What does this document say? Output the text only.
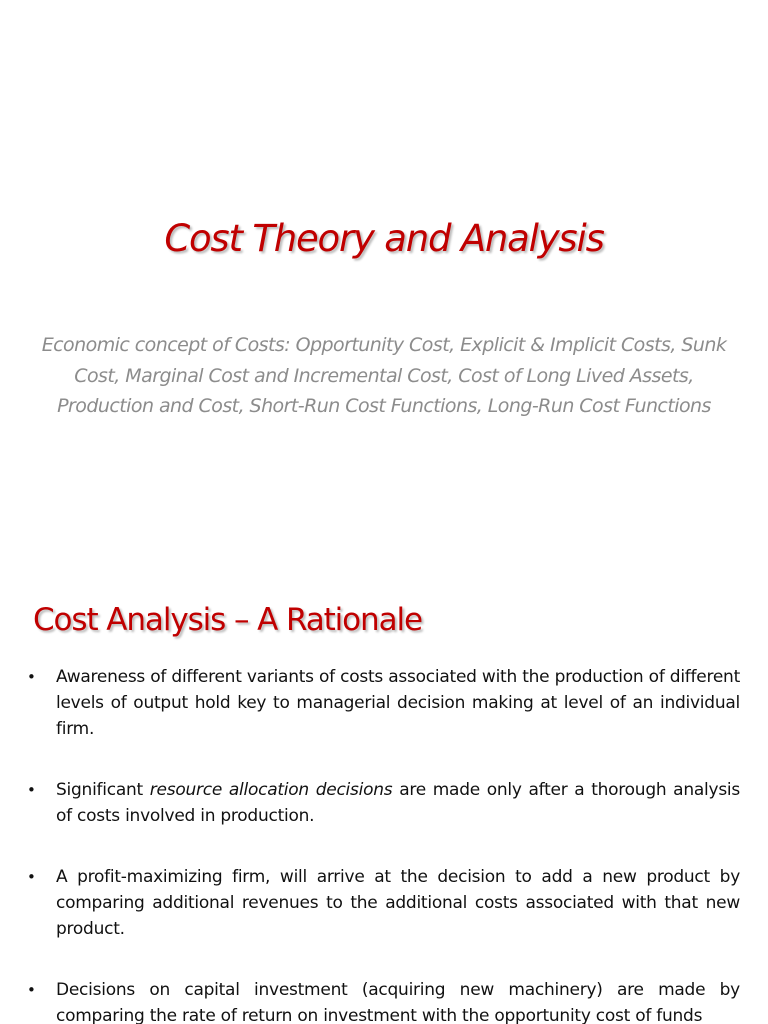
Cost Theory and Analysis

Economic concept of Costs: Opportunity Cost, Explicit & Implicit Costs, Sunk Cost, Marginal Cost and Incremental Cost, Cost of Long Lived Assets, Production and Cost, Short-Run Cost Functions, Long-Run Cost Functions

Cost Analysis – A Rationale
• Awareness of different variants of costs associated with the production of different levels of output hold key to managerial decision making at level of an individual firm.
• Significant resource allocation decisions are made only after a thorough analysis of costs involved in production.
• A profit-maximizing firm, will arrive at the decision to add a new product by comparing additional revenues to the additional costs associated with that new product.
• Decisions on capital investment (acquiring new machinery) are made by comparing the rate of return on investment with the opportunity cost of funds
